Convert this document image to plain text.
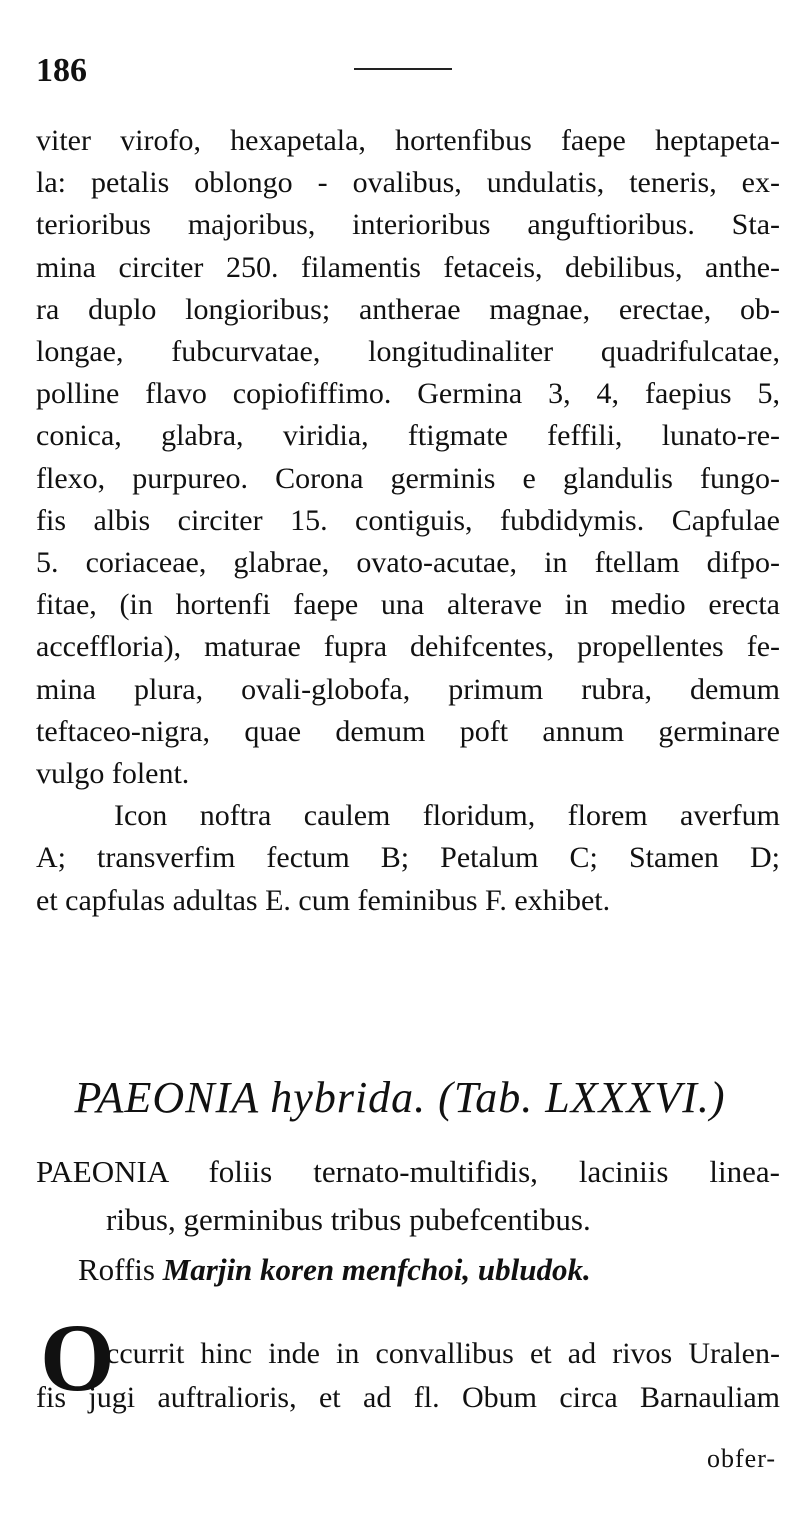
186
viter virofo, hexapetala, hortenfibus faepe heptapeta-
la: petalis oblongo - ovalibus, undulatis, teneris, ex-
terioribus majoribus, interioribus anguftioribus. Sta-
mina circiter 250. filamentis fetaceis, debilibus, anthe-
ra duplo longioribus; antherae magnae, erectae, ob-
longae, fubcurvatae, longitudinaliter quadrifulcatae,
polline flavo copiofiffimo. Germina 3, 4, faepius 5,
conica, glabra, viridia, ftigmate feffili, lunato-re-
flexo, purpureo. Corona germinis e glandulis fungo-
fis albis circiter 15. contiguis, fubdidymis. Capfulae
5. coriaceae, glabrae, ovato-acutae, in ftellam difpo-
fitae, (in hortenfi faepe una alterave in medio erecta
acceffloria), maturae fupra dehifcentes, propellentes fe-
mina plura, ovali-globofa, primum rubra, demum
teftaceo-nigra, quae demum poft annum germinare
vulgo folent.
Icon noftra caulem floridum, florem averfum
A; transverfim fectum B; Petalum C; Stamen D;
et capfulas adultas E. cum feminibus F. exhibet.
PAEONIA hybrida. (Tab. LXXXVI.)
PAEONIA foliis ternato-multifidis, laciniis linea-
ribus, germinibus tribus pubefcentibus.
Roffis Marjin koren menfchoi, ubludok.
O
ccurrit hinc inde in convallibus et ad rivos Uralen-
fis jugi auftralioris, et ad fl. Obum circa Barnauliam
obfer-
